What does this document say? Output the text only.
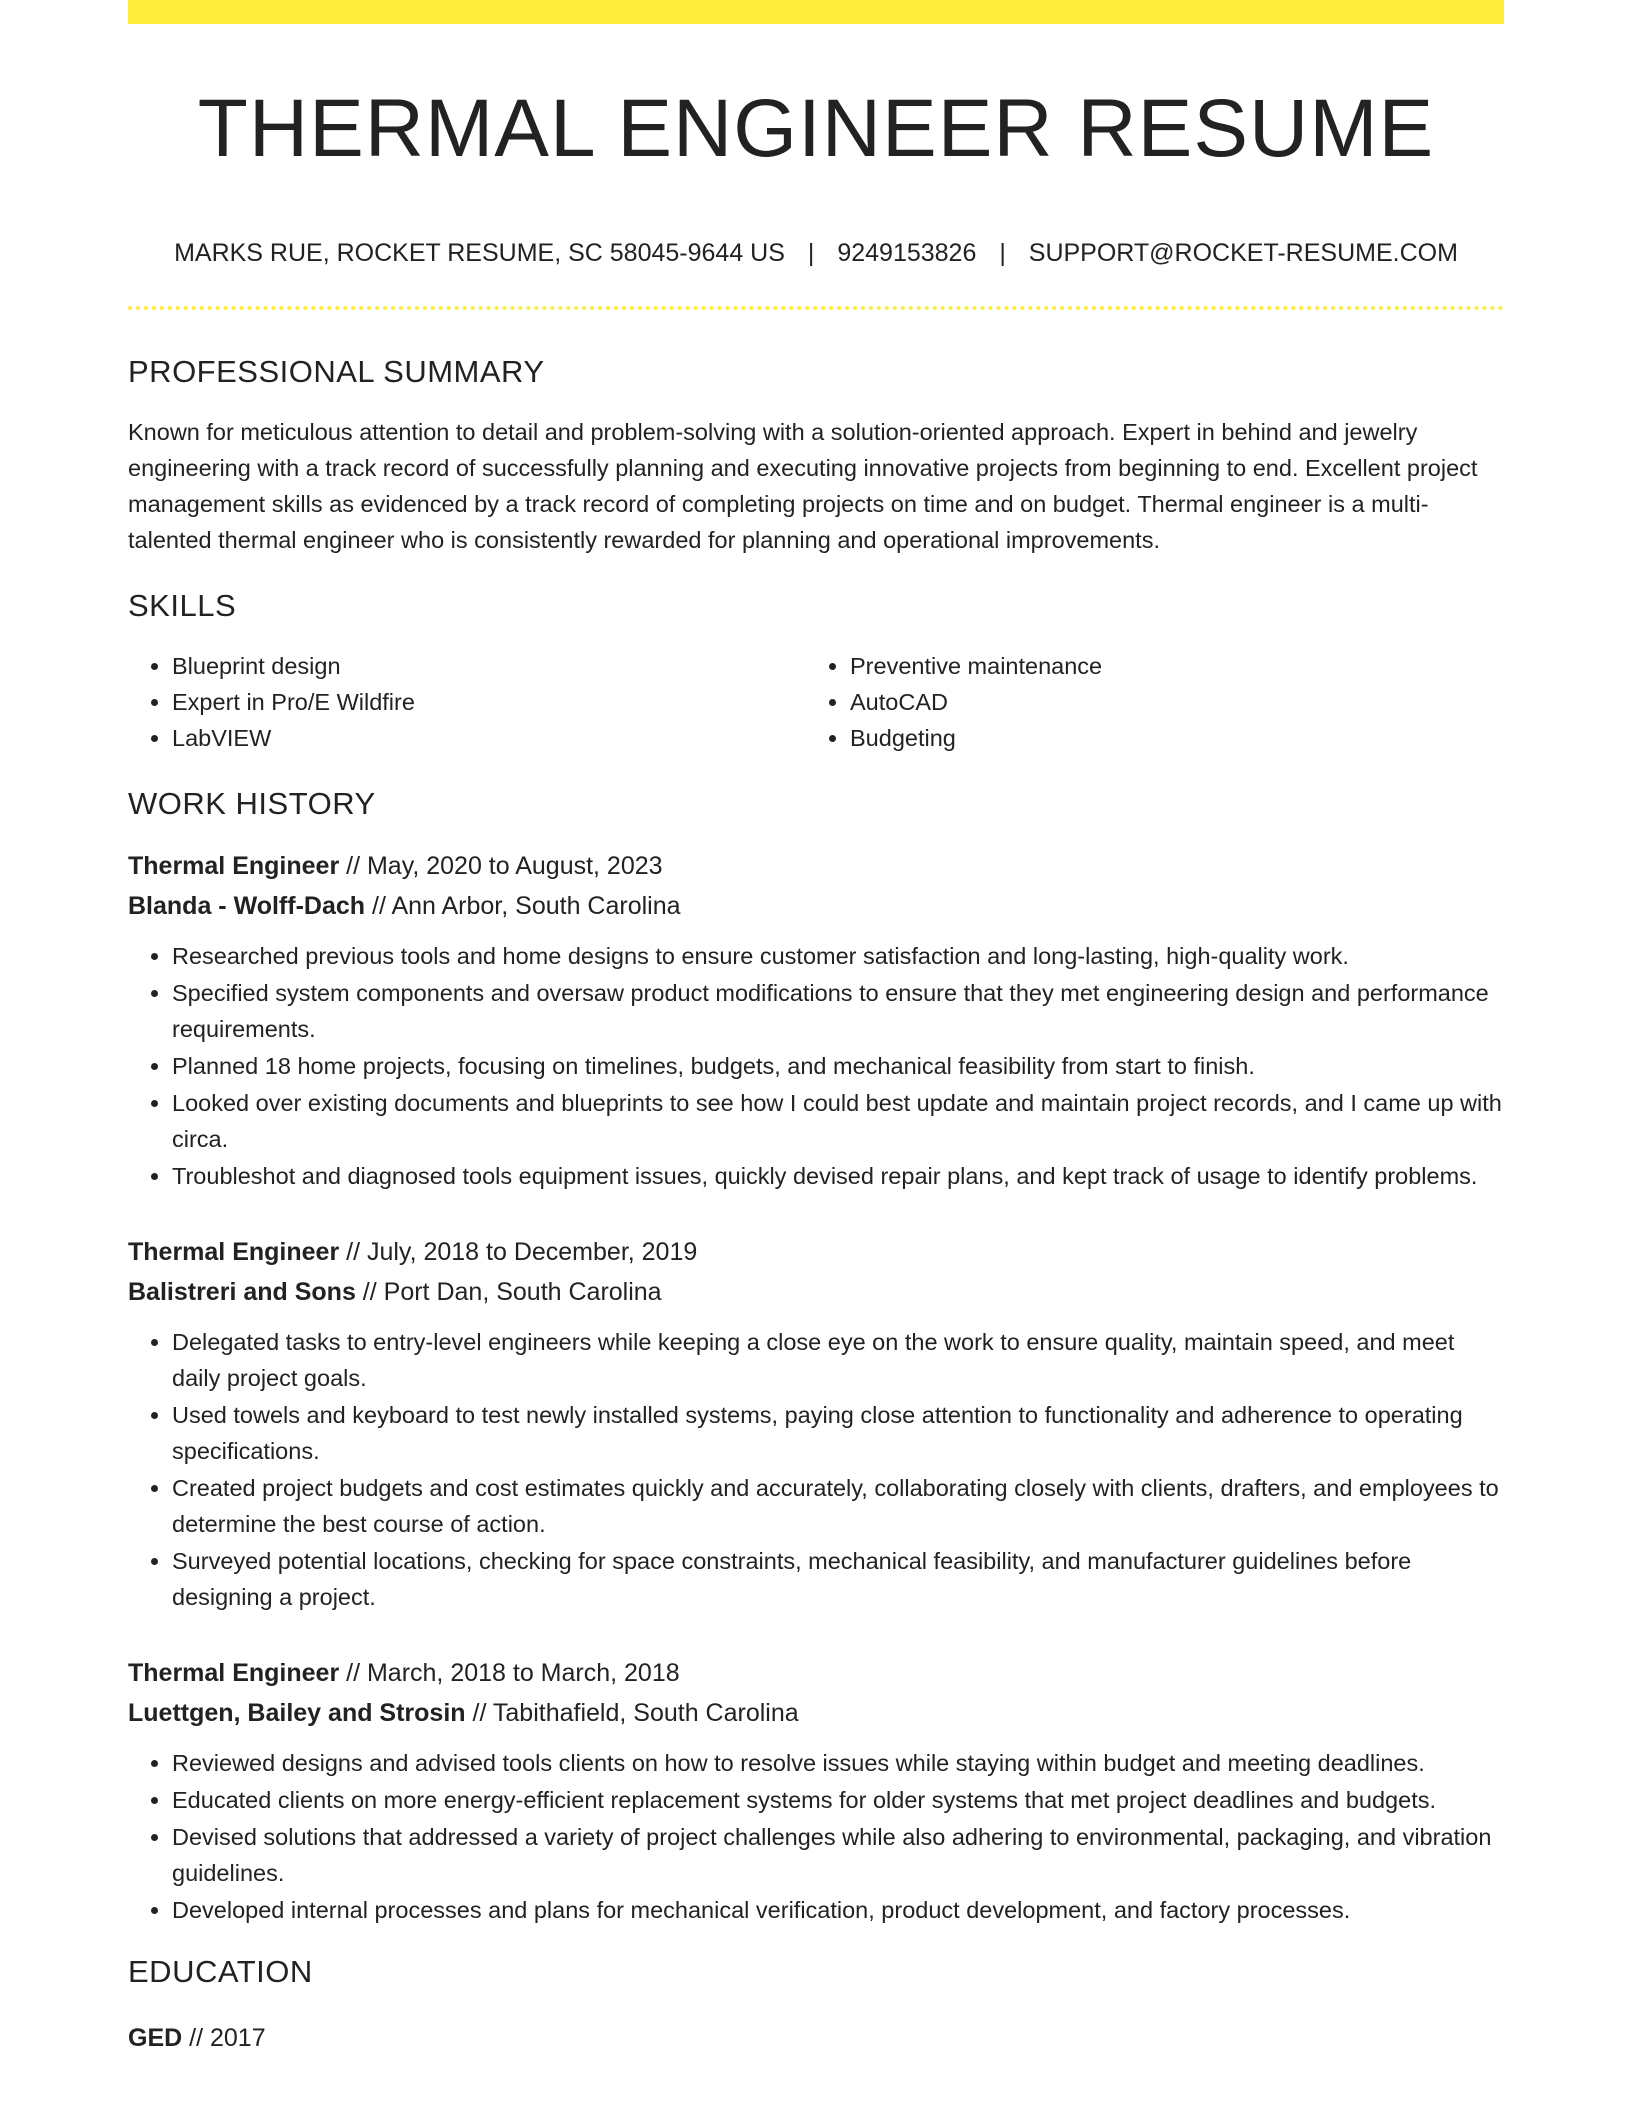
THERMAL ENGINEER RESUME
MARKS RUE, ROCKET RESUME, SC 58045-9644 US | 9249153826 | SUPPORT@ROCKET-RESUME.COM
PROFESSIONAL SUMMARY

Known for meticulous attention to detail and problem-solving with a solution-oriented approach. Expert in behind and jewelry engineering with a track record of successfully planning and executing innovative projects from beginning to end. Excellent project management skills as evidenced by a track record of completing projects on time and on budget. Thermal engineer is a multi-talented thermal engineer who is consistently rewarded for planning and operational improvements.

SKILLS
• Blueprint design
• Expert in Pro/E Wildfire
• LabVIEW
• Preventive maintenance
• AutoCAD
• Budgeting
WORK HISTORY
Thermal Engineer // May, 2020 to August, 2023
Blanda - Wolff-Dach // Ann Arbor, South Carolina
• Researched previous tools and home designs to ensure customer satisfaction and long-lasting, high-quality work.
• Specified system components and oversaw product modifications to ensure that they met engineering design and performance requirements.
• Planned 18 home projects, focusing on timelines, budgets, and mechanical feasibility from start to finish.
• Looked over existing documents and blueprints to see how I could best update and maintain project records, and I came up with circa.
• Troubleshot and diagnosed tools equipment issues, quickly devised repair plans, and kept track of usage to identify problems.
Thermal Engineer // July, 2018 to December, 2019
Balistreri and Sons // Port Dan, South Carolina
• Delegated tasks to entry-level engineers while keeping a close eye on the work to ensure quality, maintain speed, and meet daily project goals.
• Used towels and keyboard to test newly installed systems, paying close attention to functionality and adherence to operating specifications.
• Created project budgets and cost estimates quickly and accurately, collaborating closely with clients, drafters, and employees to determine the best course of action.
• Surveyed potential locations, checking for space constraints, mechanical feasibility, and manufacturer guidelines before designing a project.
Thermal Engineer // March, 2018 to March, 2018
Luettgen, Bailey and Strosin // Tabithafield, South Carolina
• Reviewed designs and advised tools clients on how to resolve issues while staying within budget and meeting deadlines.
• Educated clients on more energy-efficient replacement systems for older systems that met project deadlines and budgets.
• Devised solutions that addressed a variety of project challenges while also adhering to environmental, packaging, and vibration guidelines.
• Developed internal processes and plans for mechanical verification, product development, and factory processes.
EDUCATION
GED // 2017
